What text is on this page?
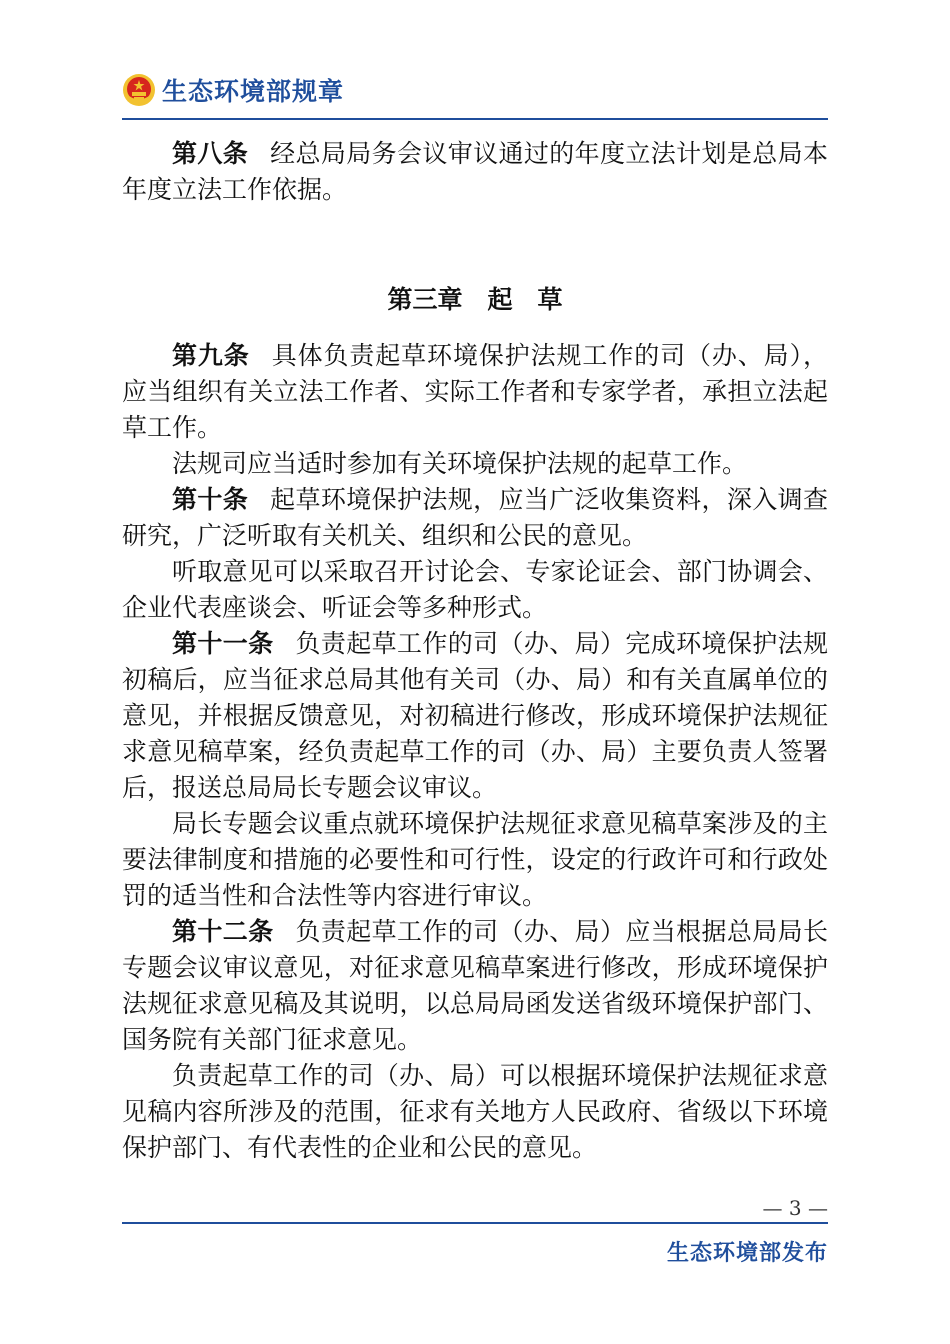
生态环境部规章

第八条 经总局局务会议审议通过的年度立法计划是总局本年度立法工作依据。

第三章　起　草

第九条 具体负责起草环境保护法规工作的司（办、局），应当组织有关立法工作者、实际工作者和专家学者，承担立法起草工作。

法规司应当适时参加有关环境保护法规的起草工作。

第十条 起草环境保护法规，应当广泛收集资料，深入调查研究，广泛听取有关机关、组织和公民的意见。

听取意见可以采取召开讨论会、专家论证会、部门协调会、企业代表座谈会、听证会等多种形式。

第十一条 负责起草工作的司（办、局）完成环境保护法规初稿后，应当征求总局其他有关司（办、局）和有关直属单位的意见，并根据反馈意见，对初稿进行修改，形成环境保护法规征求意见稿草案，经负责起草工作的司（办、局）主要负责人签署后，报送总局局长专题会议审议。

局长专题会议重点就环境保护法规征求意见稿草案涉及的主要法律制度和措施的必要性和可行性，设定的行政许可和行政处罚的适当性和合法性等内容进行审议。

第十二条 负责起草工作的司（办、局）应当根据总局局长专题会议审议意见，对征求意见稿草案进行修改，形成环境保护法规征求意见稿及其说明，以总局局函发送省级环境保护部门、国务院有关部门征求意见。

负责起草工作的司（办、局）可以根据环境保护法规征求意见稿内容所涉及的范围，征求有关地方人民政府、省级以下环境保护部门、有代表性的企业和公民的意见。

— 3 —
生态环境部发布
